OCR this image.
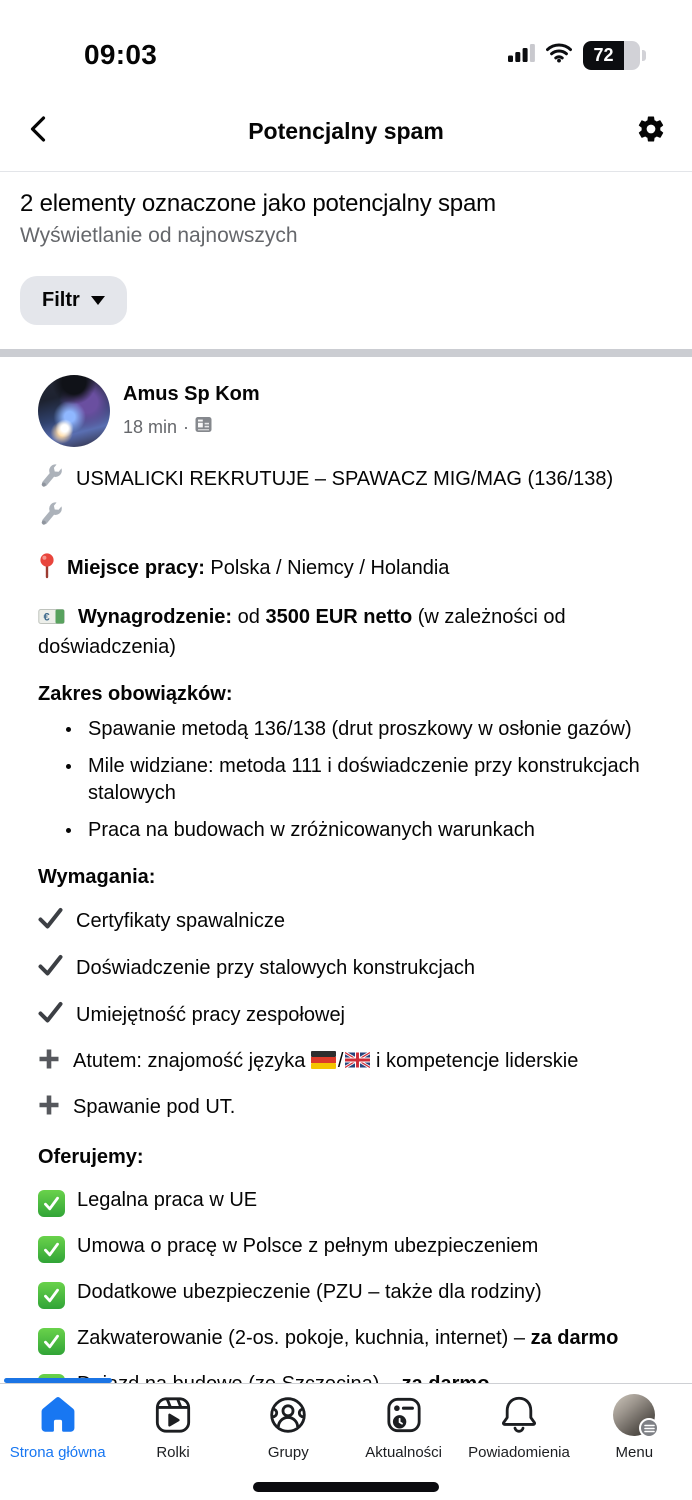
09:03	72
Potencjalny spam
2 elementy oznaczone jako potencjalny spam
Wyświetlanie od najnowszych
Filtr
Amus Sp Kom
18 min ·
USMALICKI REKRUTUJE – SPAWACZ MIG/MAG (136/138)

Miejsce pracy: Polska / Niemcy / Holandia
€ Wynagrodzenie: od 3500 EUR netto (w zależności od doświadczenia)
Zakres obowiązków:
Spawanie metodą 136/138 (drut proszkowy w osłonie gazów)
Mile widziane: metoda 111 i doświadczenie przy konstrukcjach stalowych
Praca na budowach w zróżnicowanych warunkach
Wymagania:
Certyfikaty spawalnicze
Doświadczenie przy stalowych konstrukcjach
Umiejętność pracy zespołowej
Atutem: znajomość języka / i kompetencje liderskie
Spawanie pod UT.
Oferujemy:
Legalna praca w UE
Umowa o pracę w Polsce z pełnym ubezpieczeniem
Dodatkowe ubezpieczenie (PZU – także dla rodziny)
Zakwaterowanie (2-os. pokoje, kuchnia, internet) – za darmo
Strona główna	Rolki	Grupy	Aktualności Powiadomienia	Menu
